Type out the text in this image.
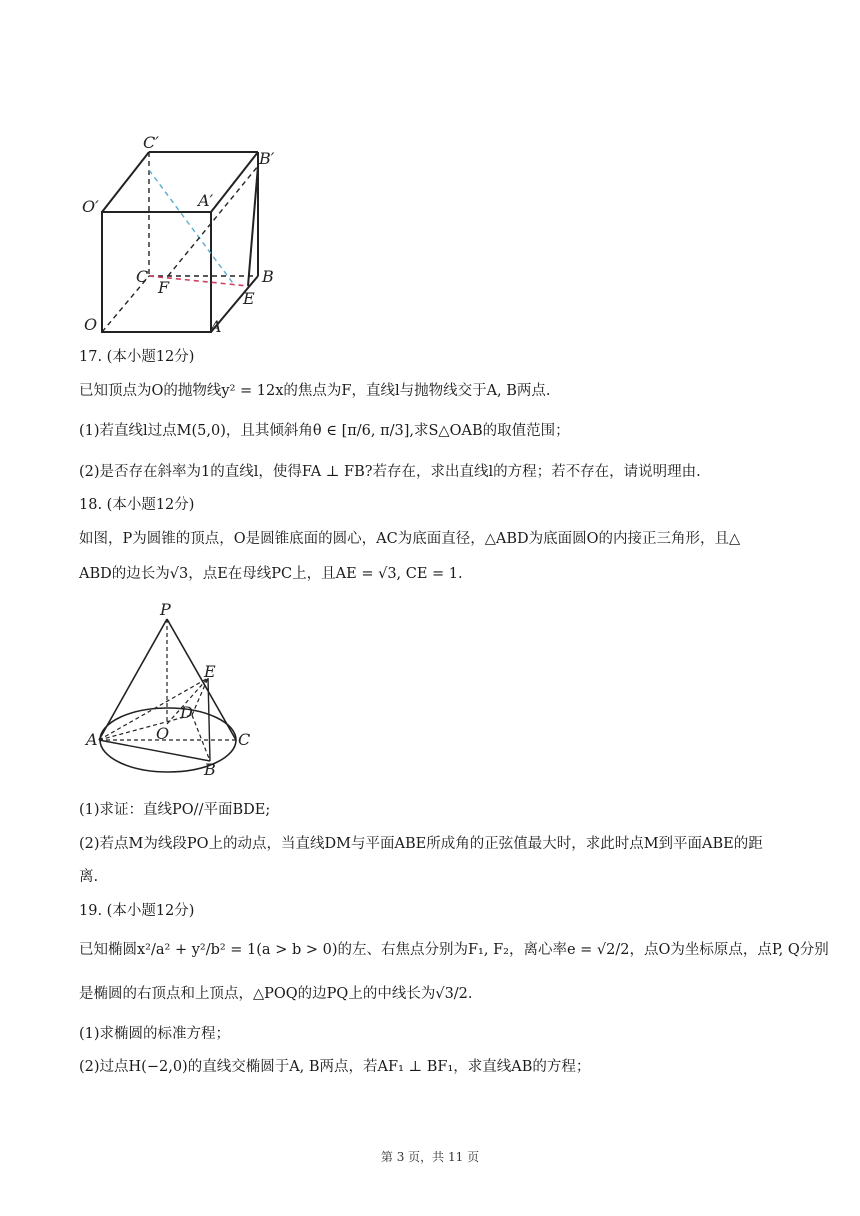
C′
B′
O′	A′
C
F
B
E
O	A
17. (本小题12分)
已知顶点为O的抛物线y² = 12x的焦点为F，直线l与抛物线交于A, B两点.
(1)若直线l过点M(5,0)，且其倾斜角θ ∈ [π/6, π/3],求S△OAB的取值范围；
(2)是否存在斜率为1的直线l，使得FA ⊥ FB?若存在，求出直线l的方程；若不存在，请说明理由.
18. (本小题12分)
如图，P为圆锥的顶点，O是圆锥底面的圆心，AC为底面直径，△ABD为底面圆O的内接正三角形，且△
ABD的边长为√3，点E在母线PC上，且AE = √3, CE = 1.
P
E
D
A	O	C
B
(1)求证：直线PO//平面BDE;
(2)若点M为线段PO上的动点，当直线DM与平面ABE所成角的正弦值最大时，求此时点M到平面ABE的距
离.
19. (本小题12分)
已知椭圆x²/a² + y²/b² = 1(a > b > 0)的左、右焦点分别为F₁, F₂，离心率e = √2/2，点O为坐标原点，点P, Q分别
是椭圆的右顶点和上顶点，△POQ的边PQ上的中线长为√3/2.
(1)求椭圆的标准方程；
(2)过点H(−2,0)的直线交椭圆于A, B两点，若AF₁ ⊥ BF₁，求直线AB的方程；
第 3 页，共 11 页
